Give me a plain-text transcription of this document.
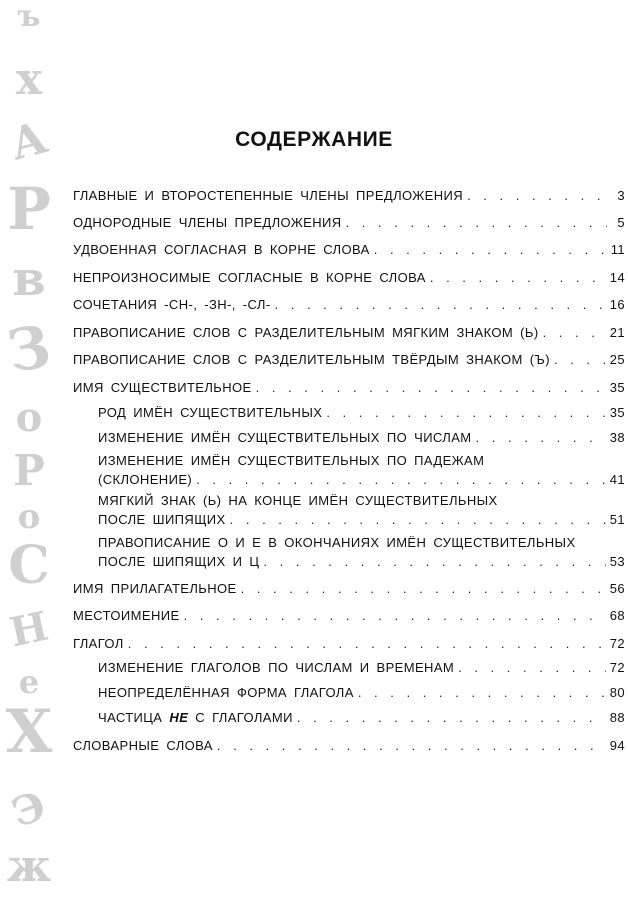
ъ
х
А
Р
в
З
о
Р
о
С
Н
е
Х
Э
ж
СОДЕРЖАНИЕ
ГЛАВНЫЕ И ВТОРОСТЕПЕННЫЕ ЧЛЕНЫ ПРЕДЛОЖЕНИЯ . . .	3
ОДНОРОДНЫЕ ЧЛЕНЫ ПРЕДЛОЖЕНИЯ . . .	5
УДВОЕННАЯ СОГЛАСНАЯ В КОРНЕ СЛОВА . . .	11
НЕПРОИЗНОСИМЫЕ СОГЛАСНЫЕ В КОРНЕ СЛОВА . . .	14
СОЧЕТАНИЯ -СН-, -ЗН-, -СЛ- . . .	16
ПРАВОПИСАНИЕ СЛОВ С РАЗДЕЛИТЕЛЬНЫМ МЯГКИМ ЗНАКОМ (Ь) . . .	21
ПРАВОПИСАНИЕ СЛОВ С РАЗДЕЛИТЕЛЬНЫМ ТВЁРДЫМ ЗНАКОМ (Ъ) . . .	25
ИМЯ СУЩЕСТВИТЕЛЬНОЕ . . .	35
РОД ИМЁН СУЩЕСТВИТЕЛЬНЫХ . . .	35
ИЗМЕНЕНИЕ ИМЁН СУЩЕСТВИТЕЛЬНЫХ ПО ЧИСЛАМ . . .	38
ИЗМЕНЕНИЕ ИМЁН СУЩЕСТВИТЕЛЬНЫХ ПО ПАДЕЖАМ
(СКЛОНЕНИЕ) . . .	41
МЯГКИЙ ЗНАК (Ь) НА КОНЦЕ ИМЁН СУЩЕСТВИТЕЛЬНЫХ
ПОСЛЕ ШИПЯЩИХ . . .	51
ПРАВОПИСАНИЕ О И Е В ОКОНЧАНИЯХ ИМЁН СУЩЕСТВИТЕЛЬНЫХ
ПОСЛЕ ШИПЯЩИХ И Ц . . .	53
ИМЯ ПРИЛАГАТЕЛЬНОЕ . . .	56
МЕСТОИМЕНИЕ . . .	68
ГЛАГОЛ . . .	72
ИЗМЕНЕНИЕ ГЛАГОЛОВ ПО ЧИСЛАМ И ВРЕМЕНАМ . . .	72
НЕОПРЕДЕЛЁННАЯ ФОРМА ГЛАГОЛА . . .	80
ЧАСТИЦА НЕ С ГЛАГОЛАМИ . . .	88
СЛОВАРНЫЕ СЛОВА . . .	94
